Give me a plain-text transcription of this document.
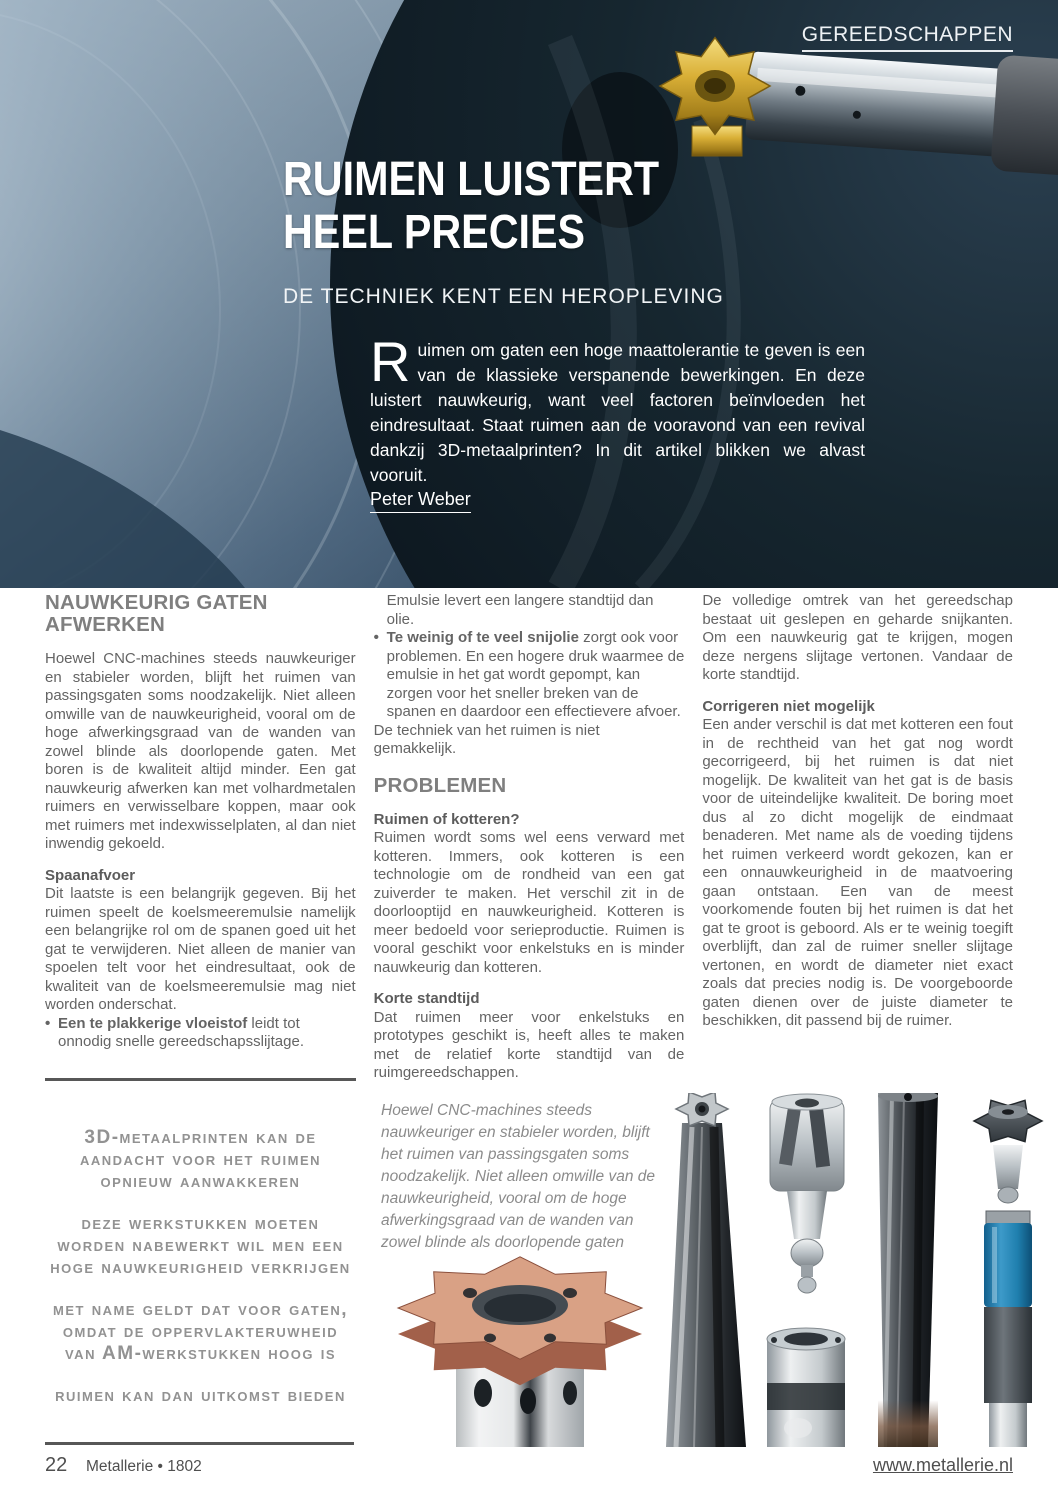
GEREEDSCHAPPEN
RUIMEN LUISTERT
HEEL PRECIES
DE TECHNIEK KENT EEN HEROPLEVING

Ruimen om gaten een hoge maattolerantie te geven is een van de klassieke verspanende bewerkingen. En deze luistert nauwkeurig, want veel factoren beïnvloeden het eindresultaat. Staat ruimen aan de vooravond van een revival dankzij 3D-metaalprinten? In dit artikel blikken we alvast vooruit.

Peter Weber
NAUWKEURIG GATEN AFWERKEN

Hoewel CNC-machines steeds nauwkeuriger en stabieler worden, blijft het ruimen van passingsgaten soms noodzakelijk. Niet alleen omwille van de nauwkeurigheid, vooral om de hoge afwerkingsgraad van de wanden van zowel blinde als doorlopende gaten. Met boren is de kwaliteit altijd minder. Een gat nauwkeurig afwerken kan met volhardmetalen ruimers en verwisselbare koppen, maar ook met ruimers met indexwisselplaten, al dan niet inwendig gekoeld.

Spaanafvoer

Dit laatste is een belangrijk gegeven. Bij het ruimen speelt de koelsmeeremulsie namelijk een belangrijke rol om de spanen goed uit het gat te verwijderen. Niet alleen de manier van spoelen telt voor het eindresultaat, ook de kwaliteit van de koelsmeeremulsie mag niet worden onderschat.

• Een te plakkerige vloeistof leidt tot onnodig snelle gereedschapsslijtage.

Emulsie levert een langere standtijd dan olie.

• Te weinig of te veel snijolie zorgt ook voor problemen. En een hogere druk waarmee de emulsie in het gat wordt gepompt, kan zorgen voor het sneller breken van de spanen en daardoor een effectievere afvoer.

De techniek van het ruimen is niet gemakkelijk.

PROBLEMEN
Ruimen of kotteren?

Ruimen wordt soms wel eens verward met kotteren. Immers, ook kotteren is een technologie om de rondheid van een gat zuiverder te maken. Het verschil zit in de doorlooptijd en nauwkeurigheid. Kotteren is meer bedoeld voor serieproductie. Ruimen is vooral geschikt voor enkelstuks en is minder nauwkeurig dan kotteren.

Korte standtijd

Dat ruimen meer voor enkelstuks en prototypes geschikt is, heeft alles te maken met de relatief korte standtijd van de ruimgereedschappen.

De volledige omtrek van het gereedschap bestaat uit geslepen en geharde snijkanten. Om een nauwkeurig gat te krijgen, mogen deze nergens slijtage vertonen. Vandaar de korte standtijd.

Corrigeren niet mogelijk

Een ander verschil is dat met kotteren een fout in de rechtheid van het gat nog wordt gecorrigeerd, bij het ruimen is dat niet mogelijk. De kwaliteit van het gat is de basis voor de uiteindelijke kwaliteit. De boring moet dus al zo dicht mogelijk de eindmaat benaderen. Met name als de voeding tijdens het ruimen verkeerd wordt gekozen, kan er een onnauwkeurigheid in de maatvoering gaan ontstaan. Een van de meest voorkomende fouten bij het ruimen is dat het gat te groot is geboord. Als er te weinig toegift overblijft, dan zal de ruimer sneller slijtage vertonen, en wordt de diameter niet exact zoals dat precies nodig is. De voorgeboorde gaten dienen over de juiste diameter te beschikken, dit passend bij de ruimer.

3D-metaalprinten kan de aandacht voor het ruimen opnieuw aanwakkeren

deze werkstukken moeten worden nabewerkt wil men een hoge nauwkeurigheid verkrijgen

met name geldt dat voor gaten, omdat de oppervlakteruwheid van AM-werkstukken hoog is

ruimen kan dan uitkomst bieden

Hoewel CNC-machines steeds nauwkeuriger en stabieler worden, blijft het ruimen van passingsgaten soms noodzakelijk. Niet alleen omwille van de nauwkeurigheid, vooral om de hoge afwerkingsgraad van de wanden van zowel blinde als doorlopende gaten

22 Metallerie • 1802	www.metallerie.nl
